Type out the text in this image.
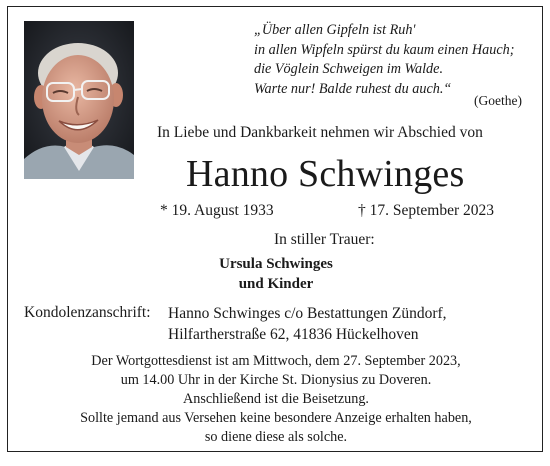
„Über allen Gipfeln ist Ruh'
in allen Wipfeln spürst du kaum einen Hauch;
die Vöglein Schweigen im Walde.
Warte nur! Balde ruhest du auch.“
(Goethe)
In Liebe und Dankbarkeit nehmen wir Abschied von
Hanno Schwinges
* 19. August 1933	† 17. September 2023
In stiller Trauer:
Ursula Schwinges
und Kinder
Kondolenzanschrift: Hanno Schwinges c/o Bestattungen Zündorf,
Hilfartherstraße 62, 41836 Hückelhoven
Der Wortgottesdienst ist am Mittwoch, dem 27. September 2023,
um 14.00 Uhr in der Kirche St. Dionysius zu Doveren.
Anschließend ist die Beisetzung.
Sollte jemand aus Versehen keine besondere Anzeige erhalten haben,
so diene diese als solche.
